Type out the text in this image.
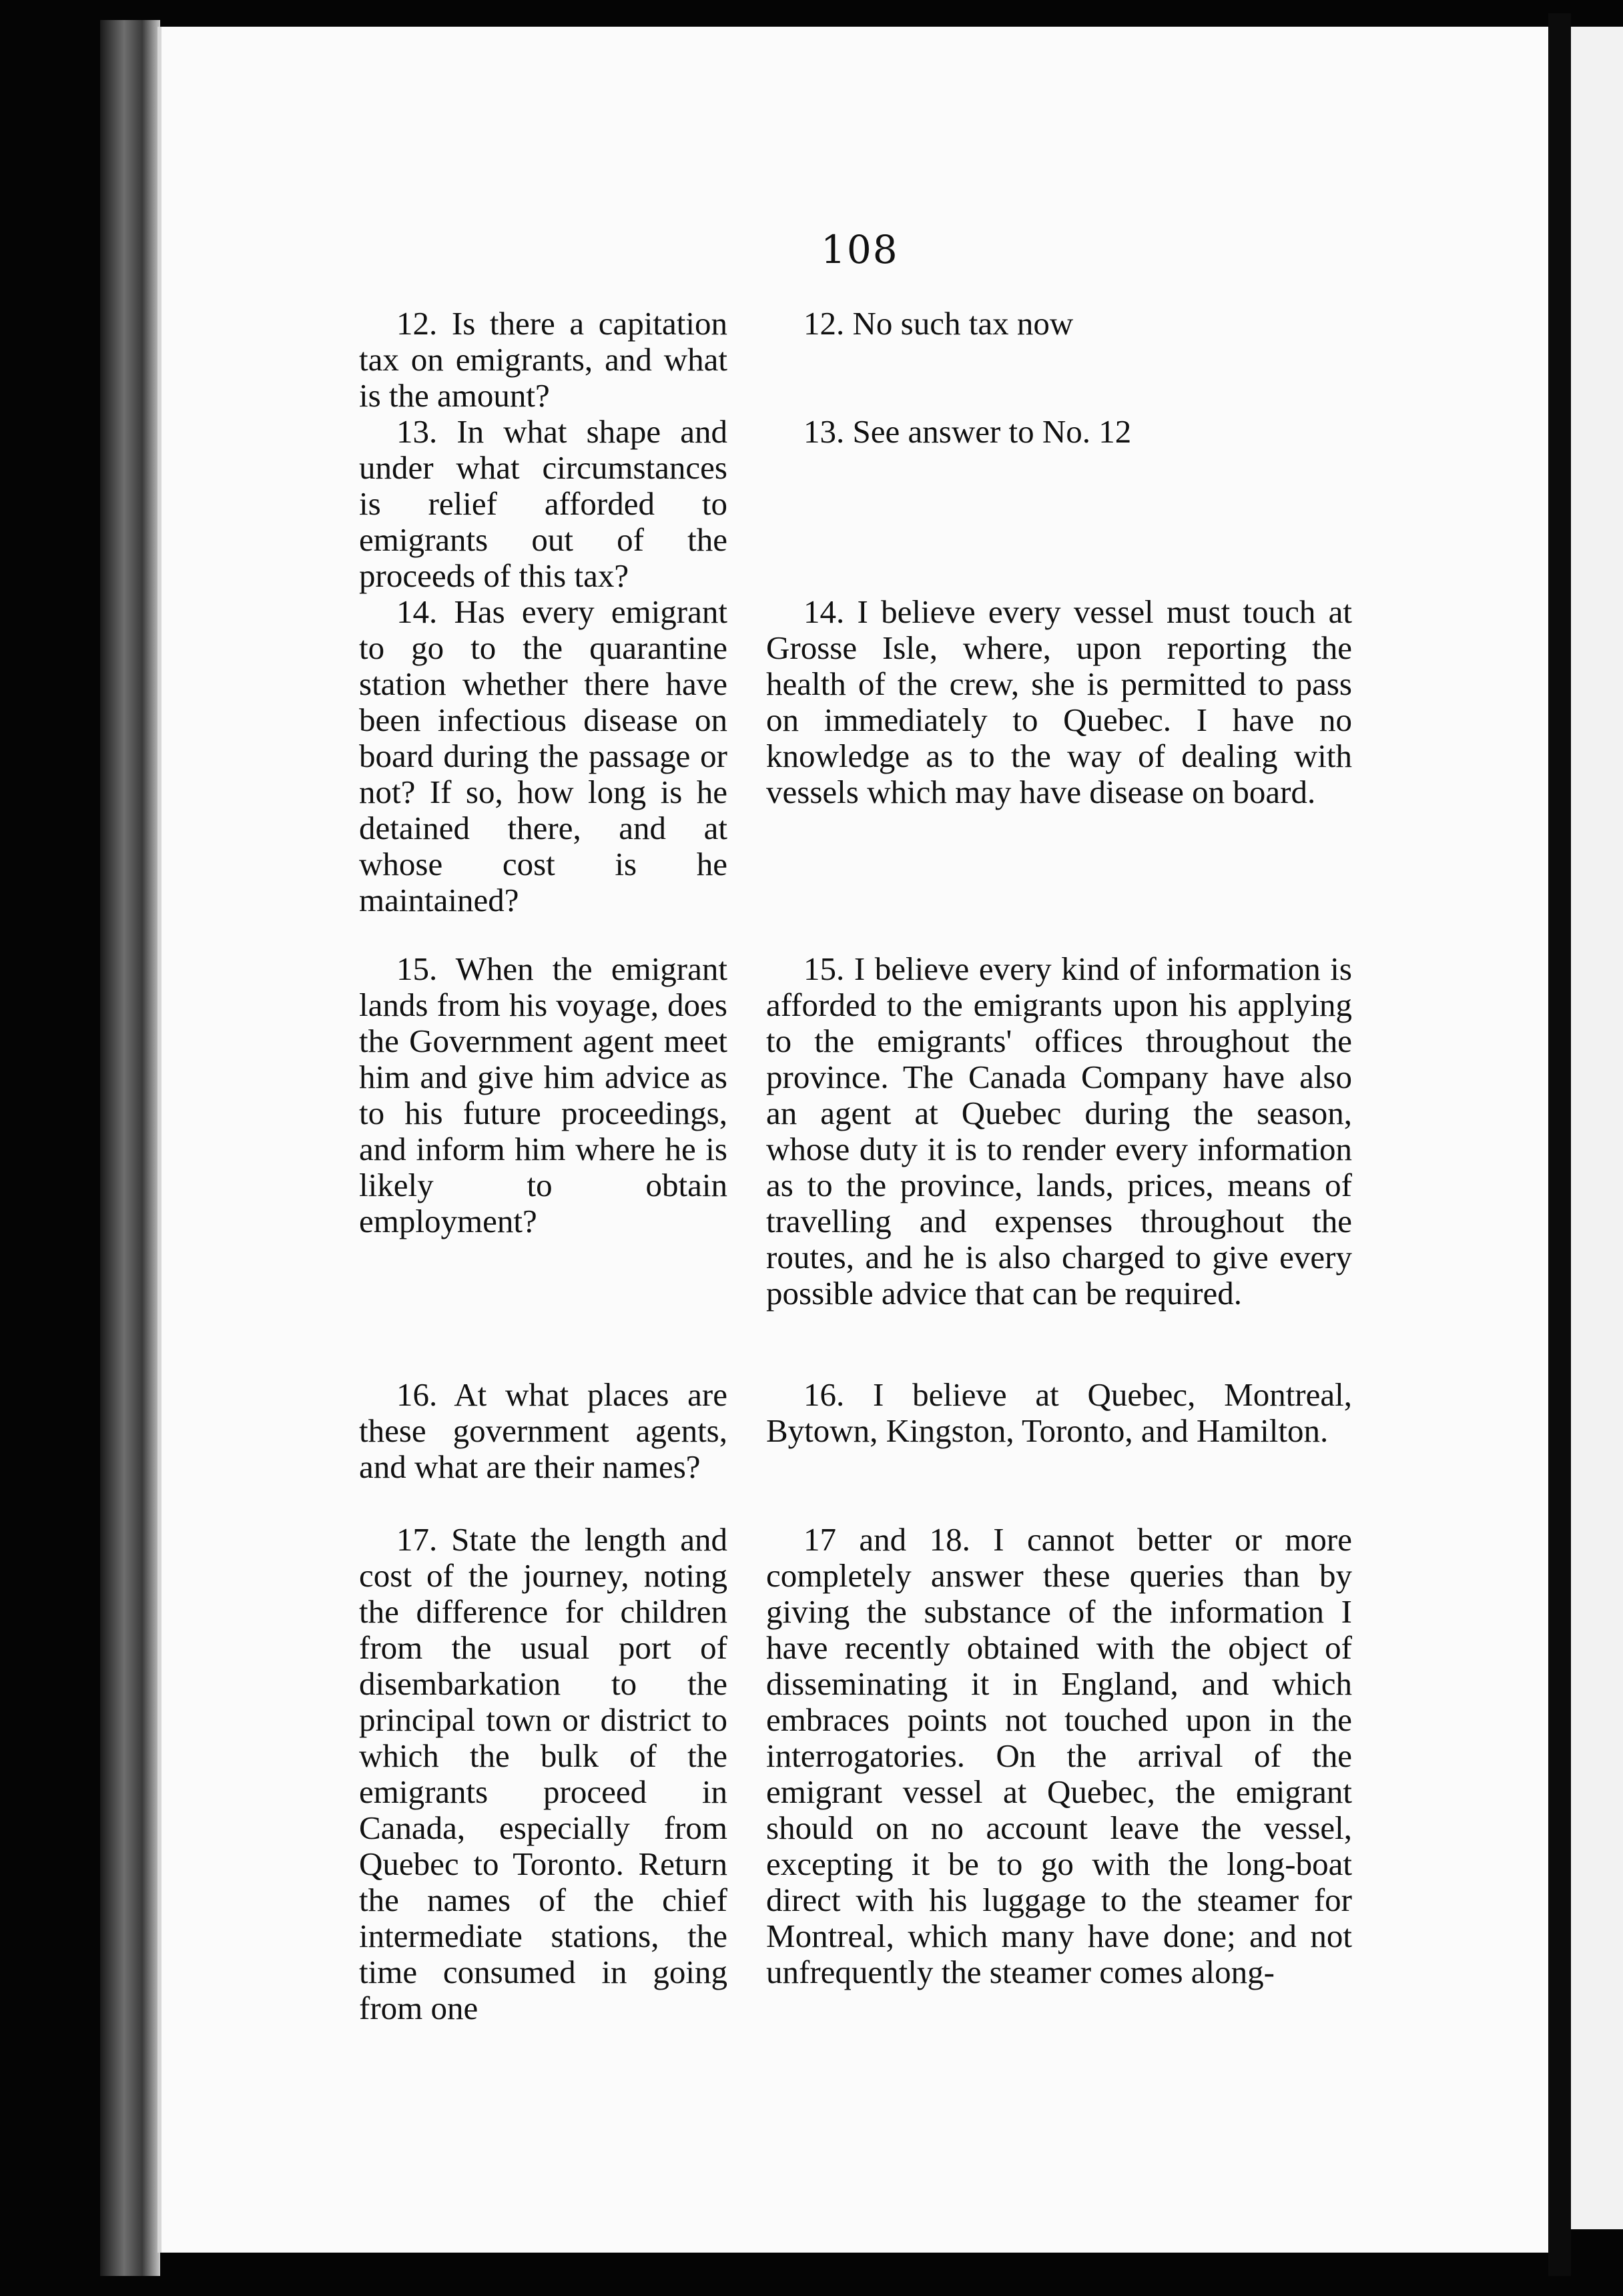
108

12. Is there a capitation tax on emigrants, and what is the amount?

12. No such tax now

13. In what shape and under what circumstances is relief afforded to emigrants out of the proceeds of this tax?

13. See answer to No. 12

14. Has every emigrant to go to the quarantine station whether there have been infectious disease on board during the passage or not? If so, how long is he detained there, and at whose cost is he maintained?

14. I believe every vessel must touch at Grosse Isle, where, upon reporting the health of the crew, she is permitted to pass on immediately to Quebec. I have no knowledge as to the way of dealing with vessels which may have disease on board.

15. When the emigrant lands from his voyage, does the Government agent meet him and give him advice as to his future proceedings, and inform him where he is likely to obtain employment?

15. I believe every kind of information is afforded to the emigrants upon his applying to the emigrants' offices throughout the province. The Canada Company have also an agent at Quebec during the season, whose duty it is to render every information as to the province, lands, prices, means of travelling and expenses throughout the routes, and he is also charged to give every possible advice that can be required.

16. At what places are these government agents, and what are their names?

16. I believe at Quebec, Montreal, Bytown, Kingston, Toronto, and Hamilton.

17. State the length and cost of the journey, noting the difference for children from the usual port of disembarkation to the principal town or district to which the bulk of the emigrants proceed in Canada, especially from Quebec to Toronto. Return the names of the chief intermediate stations, the time consumed in going from one

17 and 18. I cannot better or more completely answer these queries than by giving the substance of the information I have recently obtained with the object of disseminating it in England, and which embraces points not touched upon in the interrogatories. On the arrival of the emigrant vessel at Quebec, the emigrant should on no account leave the vessel, excepting it be to go with the long-boat direct with his luggage to the steamer for Montreal, which many have done; and not unfrequently the steamer comes along-
